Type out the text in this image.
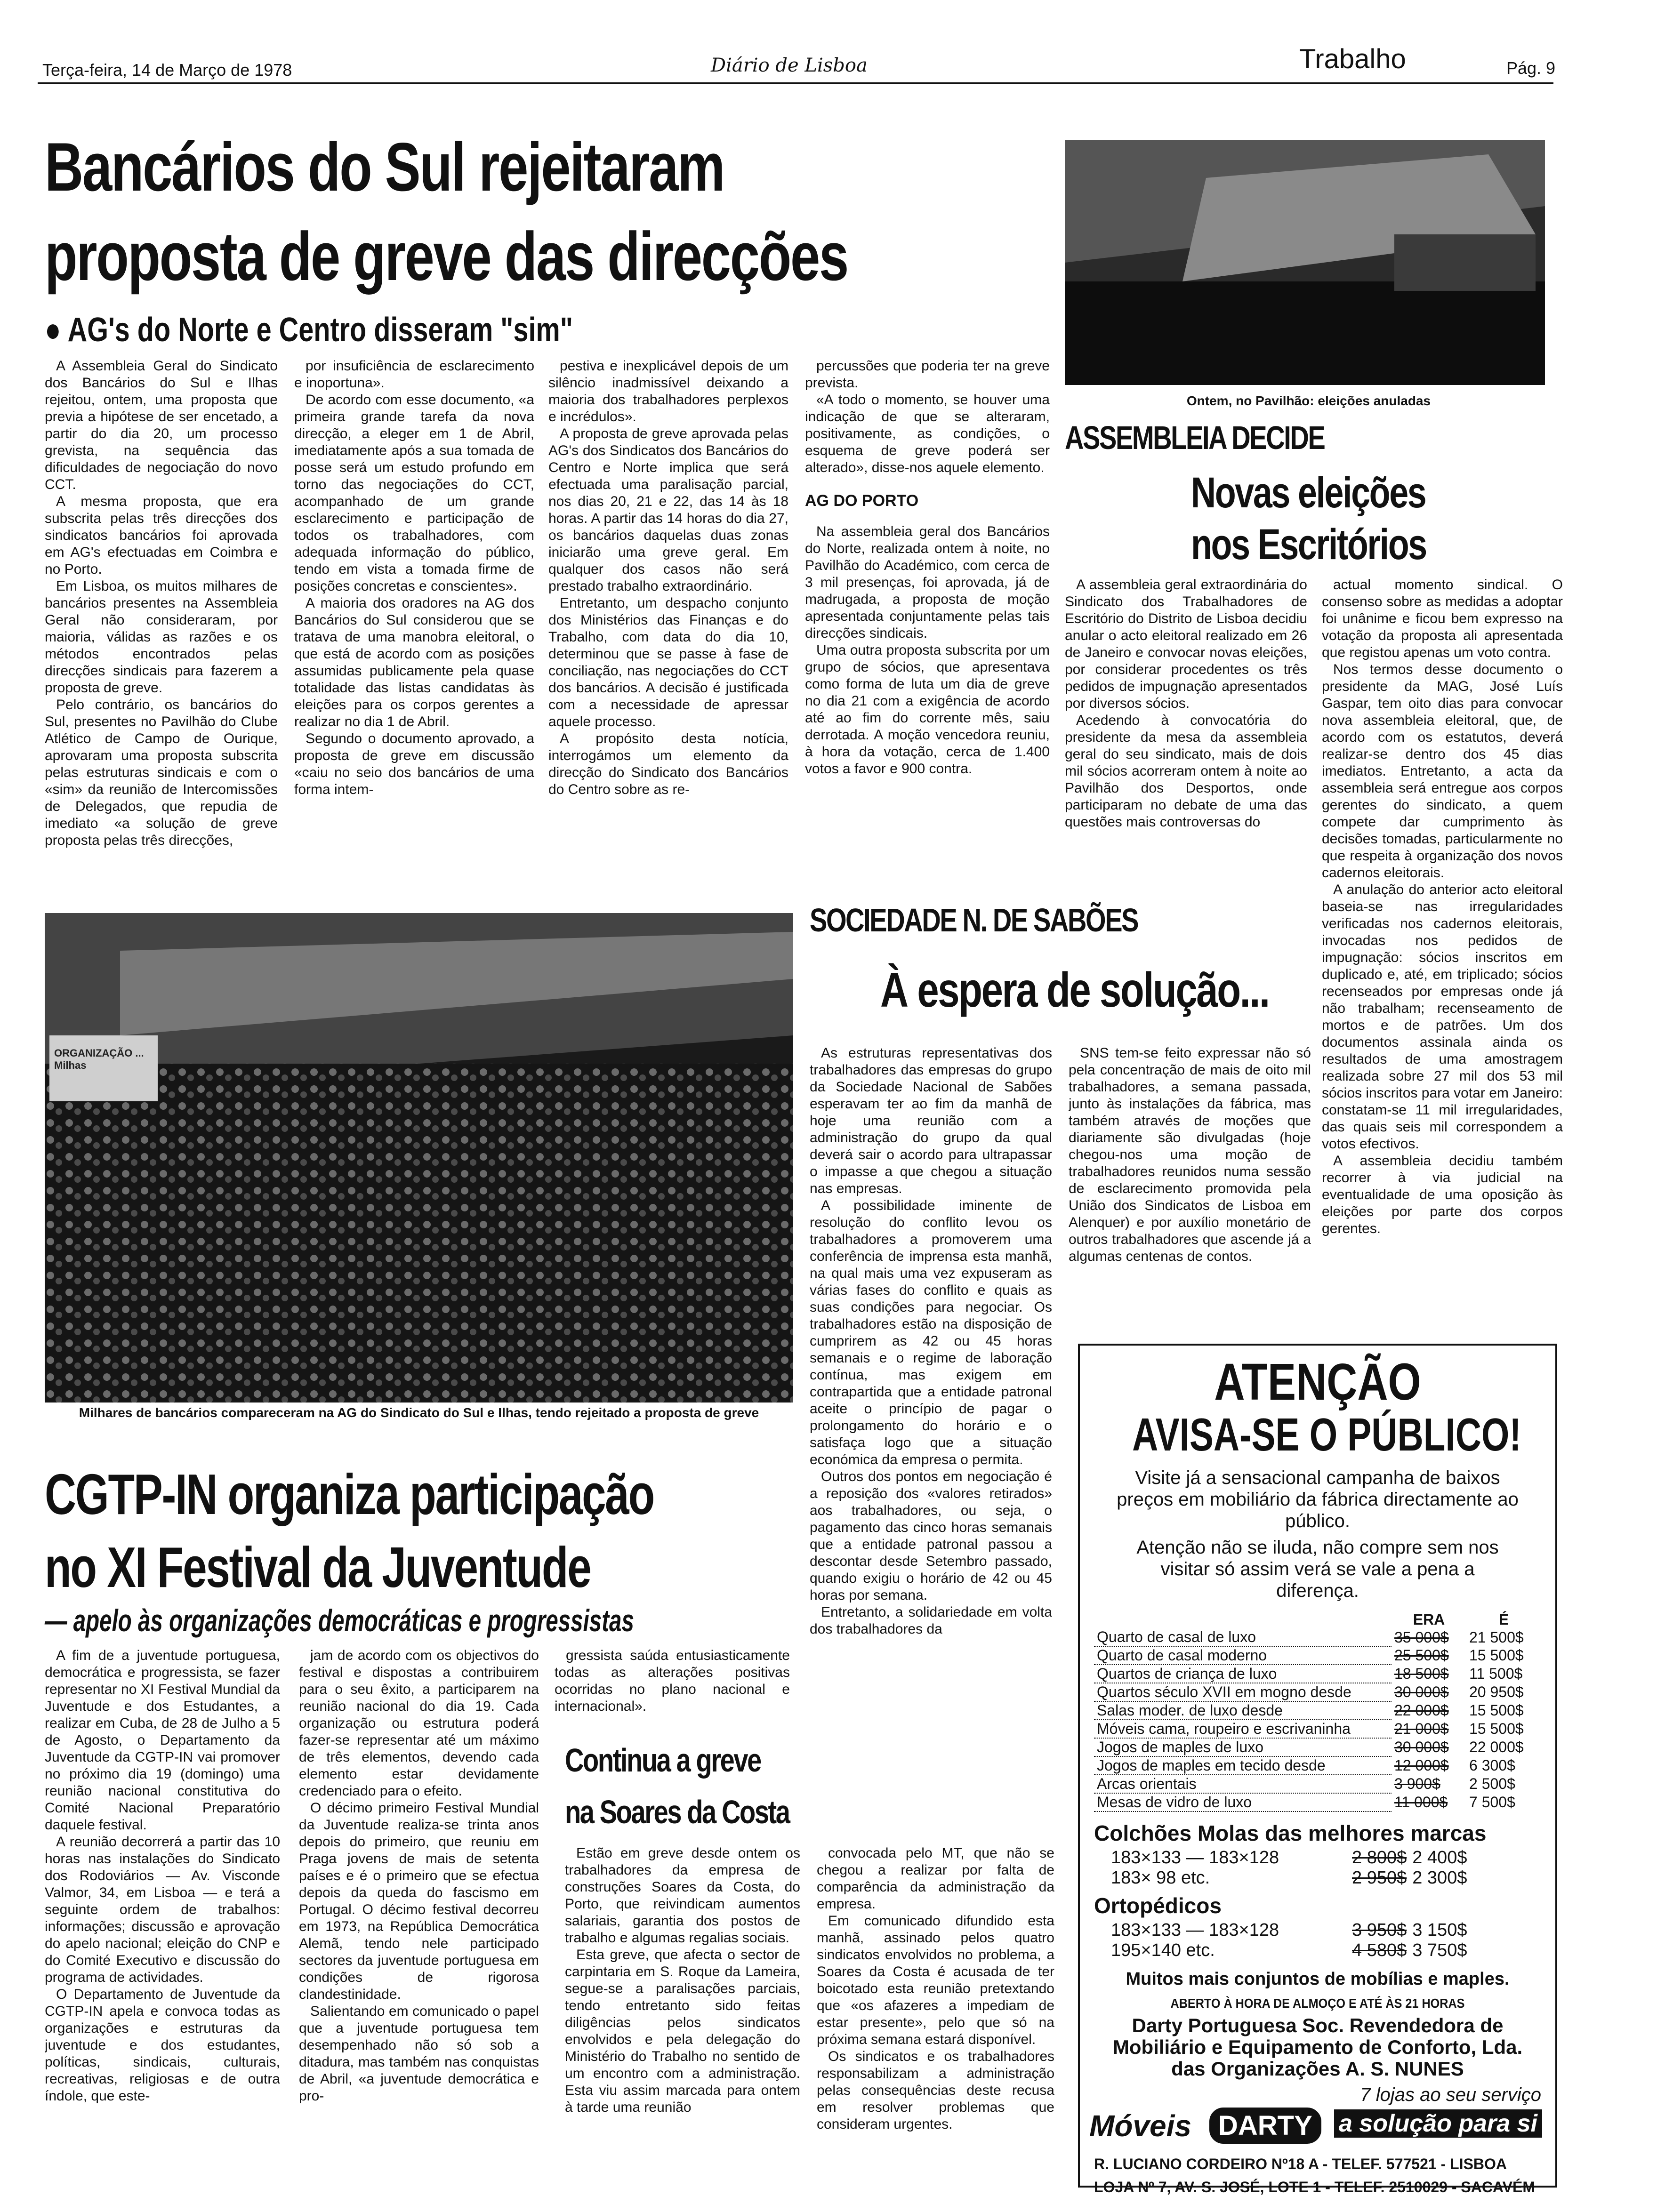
Terça-feira, 14 de Março de 1978	Diário de Lisboa	Trabalho	Pág. 9
Bancários do Sul rejeitaram
proposta de greve das direcções
● AG's do Norte e Centro disseram "sim"

A Assembleia Geral do Sindicato dos Bancários do Sul e Ilhas rejeitou, ontem, uma proposta que previa a hipótese de ser encetado, a partir do dia 20, um processo grevista, na sequência das dificuldades de negociação do novo CCT.

A mesma proposta, que era subscrita pelas três direcções dos sindicatos bancários foi aprovada em AG's efectuadas em Coimbra e no Porto.

Em Lisboa, os muitos milhares de bancários presentes na Assembleia Geral não consideraram, por maioria, válidas as razões e os métodos encontrados pelas direcções sindicais para fazerem a proposta de greve.

Pelo contrário, os bancários do Sul, presentes no Pavilhão do Clube Atlético de Campo de Ourique, aprovaram uma proposta subscrita pelas estruturas sindicais e com o «sim» da reunião de Intercomissões de Delegados, que repudia de imediato «a solução de greve proposta pelas três direcções,

por insuficiência de esclarecimento e inoportuna».

De acordo com esse documento, «a primeira grande tarefa da nova direcção, a eleger em 1 de Abril, imediatamente após a sua tomada de posse será um estudo profundo em torno das negociações do CCT, acompanhado de um grande esclarecimento e participação de todos os trabalhadores, com adequada informação do público, tendo em vista a tomada firme de posições concretas e conscientes».

A maioria dos oradores na AG dos Bancários do Sul considerou que se tratava de uma manobra eleitoral, o que está de acordo com as posições assumidas publicamente pela quase totalidade das listas candidatas às eleições para os corpos gerentes a realizar no dia 1 de Abril.

Segundo o documento aprovado, a proposta de greve em discussão «caiu no seio dos bancários de uma forma intem-

pestiva e inexplicável depois de um silêncio inadmissível deixando a maioria dos trabalhadores perplexos e incrédulos».

A proposta de greve aprovada pelas AG's dos Sindicatos dos Bancários do Centro e Norte implica que será efectuada uma paralisação parcial, nos dias 20, 21 e 22, das 14 às 18 horas. A partir das 14 horas do dia 27, os bancários daquelas duas zonas iniciarão uma greve geral. Em qualquer dos casos não será prestado trabalho extraordinário.

Entretanto, um despacho conjunto dos Ministérios das Finanças e do Trabalho, com data do dia 10, determinou que se passe à fase de conciliação, nas negociações do CCT dos bancários. A decisão é justificada com a necessidade de apressar aquele processo.

A propósito desta notícia, interrogámos um elemento da direcção do Sindicato dos Bancários do Centro sobre as re-

percussões que poderia ter na greve prevista.

«A todo o momento, se houver uma indicação de que se alteraram, positivamente, as condições, o esquema de greve poderá ser alterado», disse-nos aquele elemento.

AG DO PORTO

Na assembleia geral dos Bancários do Norte, realizada ontem à noite, no Pavilhão do Académico, com cerca de 3 mil presenças, foi aprovada, já de madrugada, a proposta de moção apresentada conjuntamente pelas tais direcções sindicais.

Uma outra proposta subscrita por um grupo de sócios, que apresentava como forma de luta um dia de greve no dia 21 com a exigência de acordo até ao fim do corrente mês, saiu derrotada. A moção vencedora reuniu, à hora da votação, cerca de 1.400 votos a favor e 900 contra.

Ontem, no Pavilhão: eleições anuladas
ASSEMBLEIA DECIDE
Novas eleições
nos Escritórios

A assembleia geral extraordinária do Sindicato dos Trabalhadores de Escritório do Distrito de Lisboa decidiu anular o acto eleitoral realizado em 26 de Janeiro e convocar novas eleições, por considerar procedentes os três pedidos de impugnação apresentados por diversos sócios.

Acedendo à convocatória do presidente da mesa da assembleia geral do seu sindicato, mais de dois mil sócios acorreram ontem à noite ao Pavilhão dos Desportos, onde participaram no debate de uma das questões mais controversas do

actual momento sindical. O consenso sobre as medidas a adoptar foi unânime e ficou bem expresso na votação da proposta ali apresentada que registou apenas um voto contra.

Nos termos desse documento o presidente da MAG, José Luís Gaspar, tem oito dias para convocar nova assembleia eleitoral, que, de acordo com os estatutos, deverá realizar-se dentro dos 45 dias imediatos. Entretanto, a acta da assembleia será entregue aos corpos gerentes do sindicato, a quem compete dar cumprimento às decisões tomadas, particularmente no que respeita à organização dos novos cadernos eleitorais.

A anulação do anterior acto eleitoral baseia-se nas irregularidades verificadas nos cadernos eleitorais, invocadas nos pedidos de impugnação: sócios inscritos em duplicado e, até, em triplicado; sócios recenseados por empresas onde já não trabalham; recenseamento de mortos e de patrões. Um dos documentos assinala ainda os resultados de uma amostragem realizada sobre 27 mil dos 53 mil sócios inscritos para votar em Janeiro: constatam-se 11 mil irregularidades, das quais seis mil correspondem a votos efectivos.

A assembleia decidiu também recorrer à via judicial na eventualidade de uma oposição às eleições por parte dos corpos gerentes.

ORGANIZAÇÃO ... Milhas
Milhares de bancários compareceram na AG do Sindicato do Sul e Ilhas, tendo rejeitado a proposta de greve
SOCIEDADE N. DE SABÕES
À espera de solução...

As estruturas representativas dos trabalhadores das empresas do grupo da Sociedade Nacional de Sabões esperavam ter ao fim da manhã de hoje uma reunião com a administração do grupo da qual deverá sair o acordo para ultrapassar o impasse a que chegou a situação nas empresas.

A possibilidade iminente de resolução do conflito levou os trabalhadores a promoverem uma conferência de imprensa esta manhã, na qual mais uma vez expuseram as várias fases do conflito e quais as suas condições para negociar. Os trabalhadores estão na disposição de cumprirem as 42 ou 45 horas semanais e o regime de laboração contínua, mas exigem em contrapartida que a entidade patronal aceite o princípio de pagar o prolongamento do horário e o satisfaça logo que a situação económica da empresa o permita.

Outros dos pontos em negociação é a reposição dos «valores retirados» aos trabalhadores, ou seja, o pagamento das cinco horas semanais que a entidade patronal passou a descontar desde Setembro passado, quando exigiu o horário de 42 ou 45 horas por semana.

Entretanto, a solidariedade em volta dos trabalhadores da

SNS tem-se feito expressar não só pela concentração de mais de oito mil trabalhadores, a semana passada, junto às instalações da fábrica, mas também através de moções que diariamente são divulgadas (hoje chegou-nos uma moção de trabalhadores reunidos numa sessão de esclarecimento promovida pela União dos Sindicatos de Lisboa em Alenquer) e por auxílio monetário de outros trabalhadores que ascende já a algumas centenas de contos.

CGTP-IN organiza participação
no XI Festival da Juventude
— apelo às organizações democráticas e progressistas

A fim de a juventude portuguesa, democrática e progressista, se fazer representar no XI Festival Mundial da Juventude e dos Estudantes, a realizar em Cuba, de 28 de Julho a 5 de Agosto, o Departamento da Juventude da CGTP-IN vai promover no próximo dia 19 (domingo) uma reunião nacional constitutiva do Comité Nacional Preparatório daquele festival.

A reunião decorrerá a partir das 10 horas nas instalações do Sindicato dos Rodoviários — Av. Visconde Valmor, 34, em Lisboa — e terá a seguinte ordem de trabalhos: informações; discussão e aprovação do apelo nacional; eleição do CNP e do Comité Executivo e discussão do programa de actividades.

O Departamento de Juventude da CGTP-IN apela e convoca todas as organizações e estruturas da juventude e dos estudantes, políticas, sindicais, culturais, recreativas, religiosas e de outra índole, que este-

jam de acordo com os objectivos do festival e dispostas a contribuirem para o seu êxito, a participarem na reunião nacional do dia 19. Cada organização ou estrutura poderá fazer-se representar até um máximo de três elementos, devendo cada elemento estar devidamente credenciado para o efeito.

O décimo primeiro Festival Mundial da Juventude realiza-se trinta anos depois do primeiro, que reuniu em Praga jovens de mais de setenta países e é o primeiro que se efectua depois da queda do fascismo em Portugal. O décimo festival decorreu em 1973, na República Democrática Alemã, tendo nele participado sectores da juventude portuguesa em condições de rigorosa clandestinidade.

Salientando em comunicado o papel que a juventude portuguesa tem desempenhado não só sob a ditadura, mas também nas conquistas de Abril, «a juventude democrática e pro-

gressista saúda entusiasticamente todas as alterações positivas ocorridas no plano nacional e internacional».

Continua a greve
na Soares da Costa

Estão em greve desde ontem os trabalhadores da empresa de construções Soares da Costa, do Porto, que reivindicam aumentos salariais, garantia dos postos de trabalho e algumas regalias sociais.

Esta greve, que afecta o sector de carpintaria em S. Roque da Lameira, segue-se a paralisações parciais, tendo entretanto sido feitas diligências pelos sindicatos envolvidos e pela delegação do Ministério do Trabalho no sentido de um encontro com a administração. Esta viu assim marcada para ontem à tarde uma reunião

convocada pelo MT, que não se chegou a realizar por falta de comparência da administração da empresa.

Em comunicado difundido esta manhã, assinado pelos quatro sindicatos envolvidos no problema, a Soares da Costa é acusada de ter boicotado esta reunião pretextando que «os afazeres a impediam de estar presente», pelo que só na próxima semana estará disponível.

Os sindicatos e os trabalhadores responsabilizam a administração pelas consequências deste recusa em resolver problemas que consideram urgentes.

ATENÇÃO
AVISA-SE O PÚBLICO!
Visite já a sensacional campanha de baixos preços em mobiliário da fábrica directamente ao público.
Atenção não se iluda, não compre sem nos visitar só assim verá se vale a pena a diferença.
	ERA	É
Quarto de casal de luxo	35 000$	21 500$
Quarto de casal moderno	25 500$	15 500$
Quartos de criança de luxo	18 500$	11 500$
Quartos século XVII em mogno desde	30 000$	20 950$
Salas moder. de luxo desde	22 000$	15 500$
Móveis cama, roupeiro e escrivaninha	21 000$	15 500$
Jogos de maples de luxo	30 000$	22 000$
Jogos de maples em tecido desde	12 000$	6 300$
Arcas orientais	3 900$	2 500$
Mesas de vidro de luxo	11 000$	7 500$
Colchões Molas das melhores marcas
183×133 — 183×128	2 800$	2 400$
183× 98 etc.	2 950$	2 300$
Ortopédicos
183×133 — 183×128	3 950$	3 150$
195×140 etc.	4 580$	3 750$
Muitos mais conjuntos de mobílias e maples.
ABERTO À HORA DE ALMOÇO E ATÉ ÀS 21 HORAS
Darty Portuguesa Soc. Revendedora de
Mobiliário e Equipamento de Conforto, Lda.
das Organizações A. S. NUNES
7 lojas ao seu serviço
Móveis DARTY	a solução para si
R. LUCIANO CORDEIRO Nº18 A - TELEF. 577521 - LISBOA
LOJA Nº 7, AV. S. JOSÉ, LOTE 1 - TELEF. 2510029 - SACAVÉM
